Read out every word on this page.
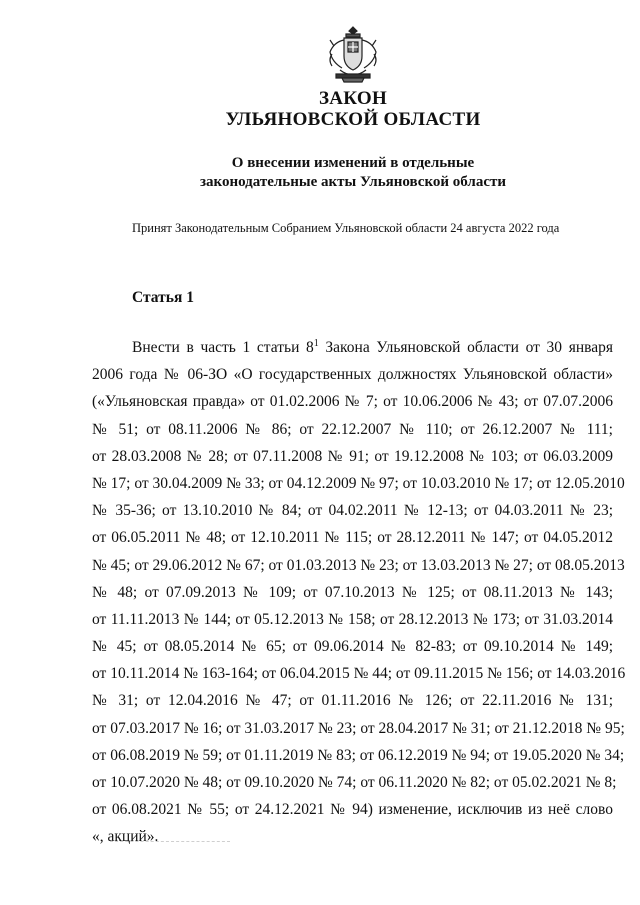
ЗАКОН
УЛЬЯНОВСКОЙ ОБЛАСТИ
О внесении изменений в отдельные
законодательные акты Ульяновской области
Принят Законодательным Собранием Ульяновской области 24 августа 2022 года
Статья 1
Внести в часть 1 статьи $8^1$ Закона Ульяновской области от 30 января
2006 года № 06-ЗО «О государственных должностях Ульяновской области»
(«Ульяновская правда» от 01.02.2006 № 7; от 10.06.2006 № 43; от 07.07.2006
№ 51; от 08.11.2006 № 86; от 22.12.2007 № 110; от 26.12.2007 № 111;
от 28.03.2008 № 28; от 07.11.2008 № 91; от 19.12.2008 № 103; от 06.03.2009
№ 17; от 30.04.2009 № 33; от 04.12.2009 № 97; от 10.03.2010 № 17; от 12.05.2010
№ 35-36; от 13.10.2010 № 84; от 04.02.2011 № 12-13; от 04.03.2011 № 23;
от 06.05.2011 № 48; от 12.10.2011 № 115; от 28.12.2011 № 147; от 04.05.2012
№ 45; от 29.06.2012 № 67; от 01.03.2013 № 23; от 13.03.2013 № 27; от 08.05.2013
№ 48; от 07.09.2013 № 109; от 07.10.2013 № 125; от 08.11.2013 № 143;
от 11.11.2013 № 144; от 05.12.2013 № 158; от 28.12.2013 № 173; от 31.03.2014
№ 45; от 08.05.2014 № 65; от 09.06.2014 № 82-83; от 09.10.2014 № 149;
от 10.11.2014 № 163-164; от 06.04.2015 № 44; от 09.11.2015 № 156; от 14.03.2016
№ 31; от 12.04.2016 № 47; от 01.11.2016 № 126; от 22.11.2016 № 131;
от 07.03.2017 № 16; от 31.03.2017 № 23; от 28.04.2017 № 31; от 21.12.2018 № 95;
от 06.08.2019 № 59; от 01.11.2019 № 83; от 06.12.2019 № 94; от 19.05.2020 № 34;
от 10.07.2020 № 48; от 09.10.2020 № 74; от 06.11.2020 № 82; от 05.02.2021 № 8;
от 06.08.2021 № 55; от 24.12.2021 № 94) изменение, исключив из неё слово
«, акций».
